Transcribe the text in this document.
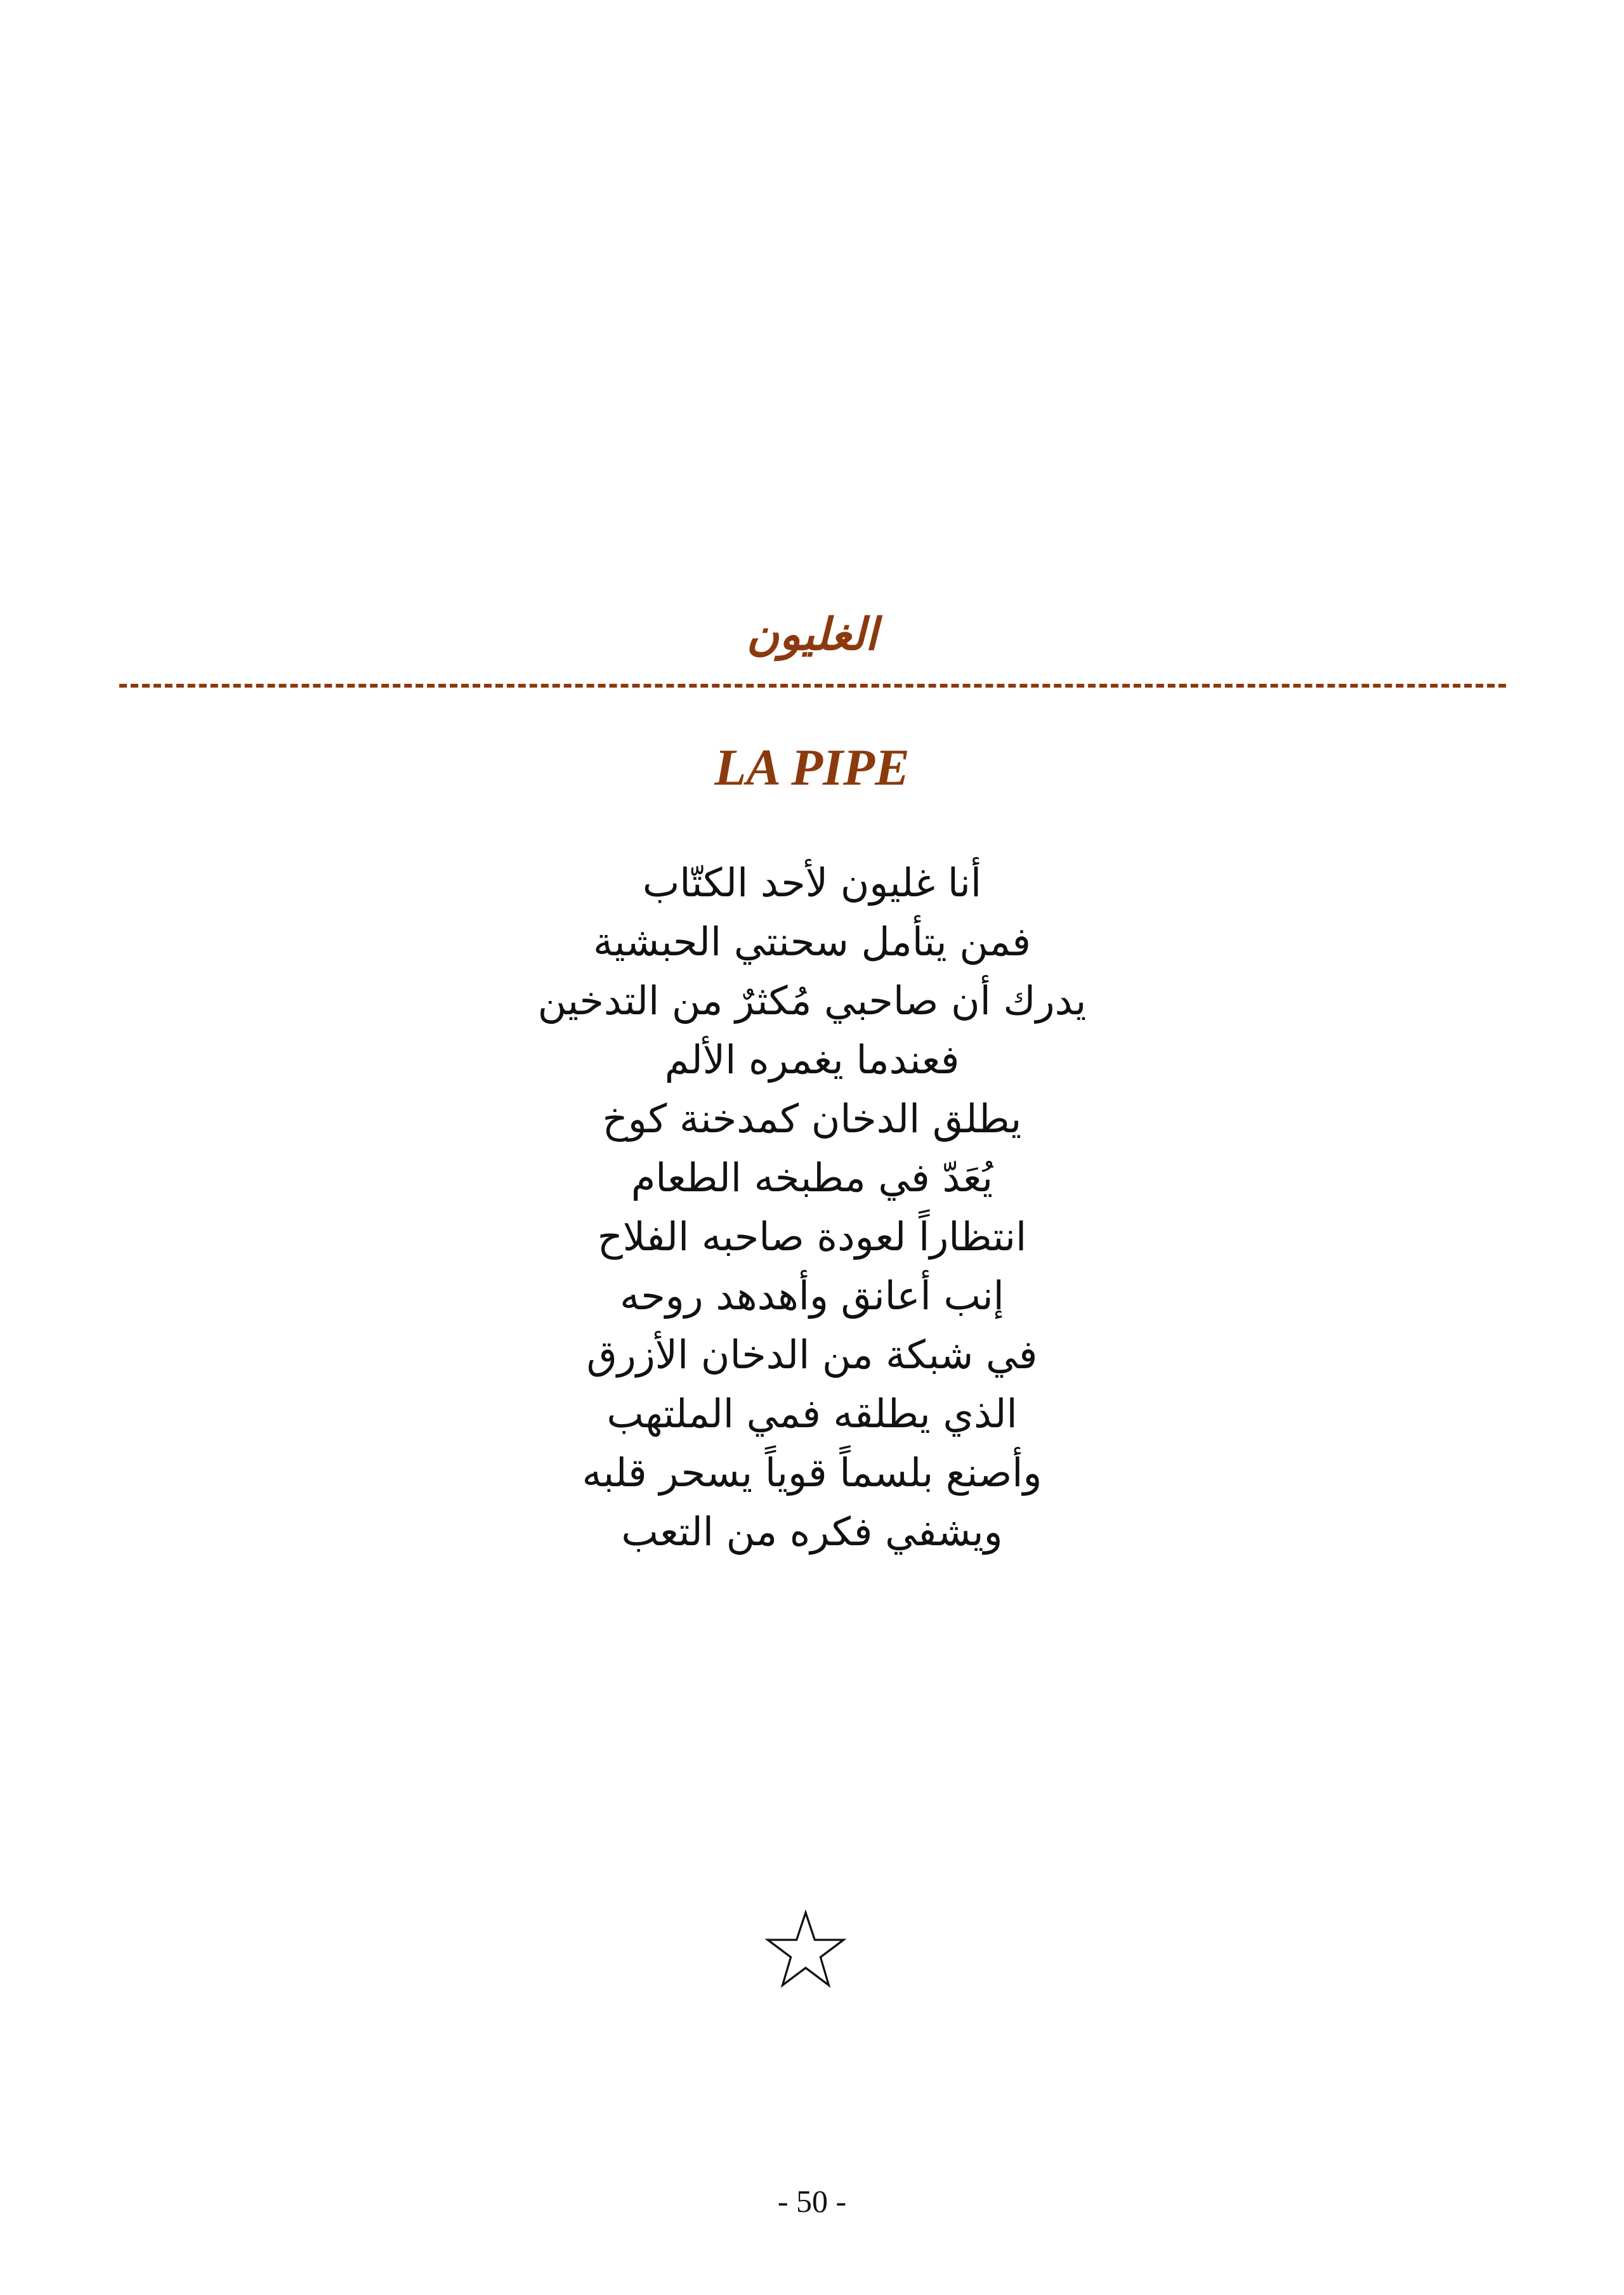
الغليون
LA PIPE
أنا غليون لأحد الكتّاب
فمن يتأمل سحنتي الحبشية
يدرك أن صاحبي مُكثرٌ من التدخين
فعندما يغمره الألم
يطلق الدخان كمدخنة كوخ
يُعَدّ في مطبخه الطعام
انتظاراً لعودة صاحبه الفلاح
إنب أعانق وأهدهد روحه
في شبكة من الدخان الأزرق
الذي يطلقه فمي الملتهب
وأصنع بلسماً قوياً يسحر قلبه
ويشفي فكره من التعب
- 50 -
